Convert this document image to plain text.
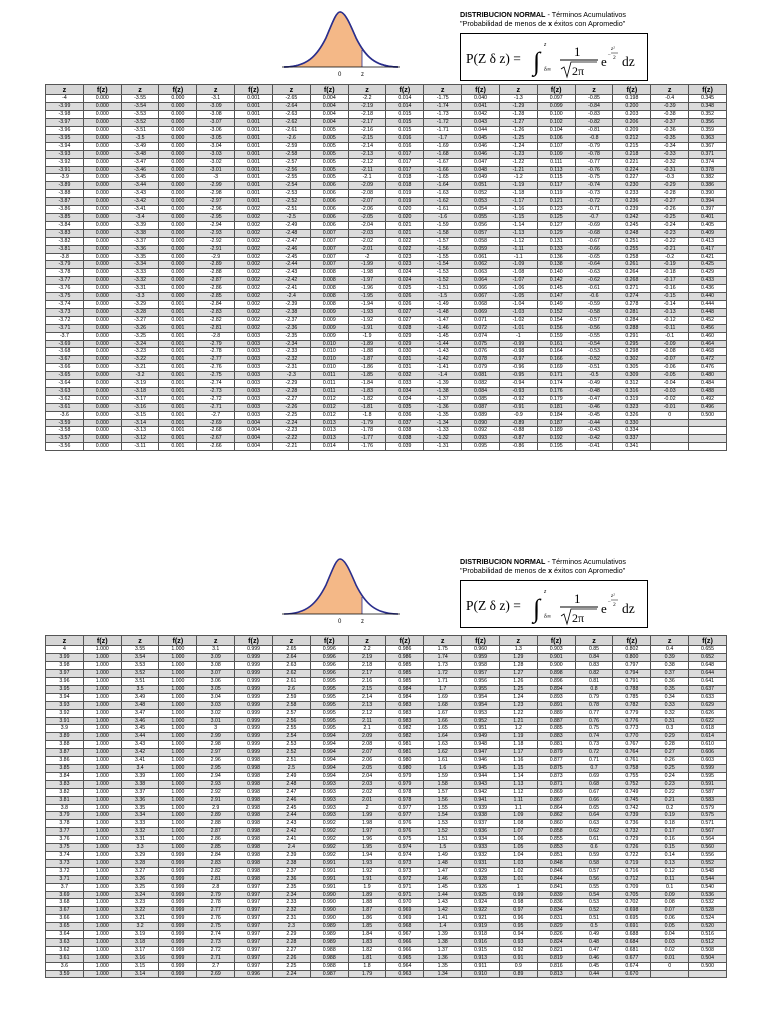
0	z
DISTRIBUCION NORMAL - Términos Acumulativos
"Probabilidad de menos de x éxitos con Apromedio"
P(Z δ z) = ∫
z
δ∞
1
2π
e –
z²
2 dz
z	f(z)	z	f(z)	z	f(z)	z	f(z)	z	f(z)	z	f(z)	z	f(z)	z	f(z)	z	f(z)
-4	0.000	-3.55	0.000	-3.1	0.001	-2.65	0.004	-2.2	0.014	-1.75	0.040	-1.3	0.097	-0.85	0.198	-0.4	0.345
-3.99	0.000	-3.54	0.000	-3.09	0.001	-2.64	0.004	-2.19	0.014	-1.74	0.041	-1.29	0.099	-0.84	0.200	-0.39	0.348
-3.98	0.000	-3.53	0.000	-3.08	0.001	-2.63	0.004	-2.18	0.015	-1.73	0.042	-1.28	0.100	-0.83	0.203	-0.38	0.352
-3.97	0.000	-3.52	0.000	-3.07	0.001	-2.62	0.004	-2.17	0.015	-1.72	0.043	-1.27	0.102	-0.82	0.206	-0.37	0.356
-3.96	0.000	-3.51	0.000	-3.06	0.001	-2.61	0.005	-2.16	0.015	-1.71	0.044	-1.26	0.104	-0.81	0.209	-0.36	0.359
-3.95	0.000	-3.5	0.000	-3.05	0.001	-2.6	0.005	-2.15	0.016	-1.7	0.045	-1.25	0.106	-0.8	0.212	-0.35	0.363
-3.94	0.000	-3.49	0.000	-3.04	0.001	-2.59	0.005	-2.14	0.016	-1.69	0.046	-1.24	0.107	-0.79	0.215	-0.34	0.367
-3.93	0.000	-3.48	0.000	-3.03	0.001	-2.58	0.005	-2.13	0.017	-1.68	0.046	-1.23	0.109	-0.78	0.218	-0.33	0.371
-3.92	0.000	-3.47	0.000	-3.02	0.001	-2.57	0.005	-2.12	0.017	-1.67	0.047	-1.22	0.111	-0.77	0.221	-0.32	0.374
-3.91	0.000	-3.46	0.000	-3.01	0.001	-2.56	0.005	-2.11	0.017	-1.66	0.048	-1.21	0.113	-0.76	0.224	-0.31	0.378
-3.9	0.000	-3.45	0.000	-3	0.001	-2.55	0.005	-2.1	0.018	-1.65	0.049	-1.2	0.115	-0.75	0.227	-0.3	0.382
-3.89	0.000	-3.44	0.000	-2.99	0.001	-2.54	0.006	-2.09	0.018	-1.64	0.051	-1.19	0.117	-0.74	0.230	-0.29	0.386
-3.88	0.000	-3.43	0.000	-2.98	0.001	-2.53	0.006	-2.08	0.019	-1.63	0.052	-1.18	0.119	-0.73	0.233	-0.28	0.390
-3.87	0.000	-3.42	0.000	-2.97	0.001	-2.52	0.006	-2.07	0.019	-1.62	0.053	-1.17	0.121	-0.72	0.236	-0.27	0.394
-3.86	0.000	-3.41	0.000	-2.96	0.002	-2.51	0.006	-2.06	0.020	-1.61	0.054	-1.16	0.123	-0.71	0.239	-0.26	0.397
-3.85	0.000	-3.4	0.000	-2.95	0.002	-2.5	0.006	-2.05	0.020	-1.6	0.055	-1.15	0.125	-0.7	0.242	-0.25	0.401
-3.84	0.000	-3.39	0.000	-2.94	0.002	-2.49	0.006	-2.04	0.021	-1.59	0.056	-1.14	0.127	-0.69	0.245	-0.24	0.405
-3.83	0.000	-3.38	0.000	-2.93	0.002	-2.48	0.007	-2.03	0.021	-1.58	0.057	-1.13	0.129	-0.68	0.248	-0.23	0.409
-3.82	0.000	-3.37	0.000	-2.92	0.002	-2.47	0.007	-2.02	0.022	-1.57	0.058	-1.12	0.131	-0.67	0.251	-0.22	0.413
-3.81	0.000	-3.36	0.000	-2.91	0.002	-2.46	0.007	-2.01	0.022	-1.56	0.059	-1.11	0.133	-0.66	0.255	-0.21	0.417
-3.8	0.000	-3.35	0.000	-2.9	0.002	-2.45	0.007	-2	0.023	-1.55	0.061	-1.1	0.136	-0.65	0.258	-0.2	0.421
-3.79	0.000	-3.34	0.000	-2.89	0.002	-2.44	0.007	-1.99	0.023	-1.54	0.062	-1.09	0.138	-0.64	0.261	-0.19	0.425
-3.78	0.000	-3.33	0.000	-2.88	0.002	-2.43	0.008	-1.98	0.024	-1.53	0.063	-1.08	0.140	-0.63	0.264	-0.18	0.429
-3.77	0.000	-3.32	0.000	-2.87	0.002	-2.42	0.008	-1.97	0.024	-1.52	0.064	-1.07	0.142	-0.62	0.268	-0.17	0.433
-3.76	0.000	-3.31	0.000	-2.86	0.002	-2.41	0.008	-1.96	0.025	-1.51	0.066	-1.06	0.145	-0.61	0.271	-0.16	0.436
-3.75	0.000	-3.3	0.000	-2.85	0.002	-2.4	0.008	-1.95	0.026	-1.5	0.067	-1.05	0.147	-0.6	0.274	-0.15	0.440
-3.74	0.000	-3.29	0.001	-2.84	0.002	-2.39	0.008	-1.94	0.026	-1.49	0.068	-1.04	0.149	-0.59	0.278	-0.14	0.444
-3.73	0.000	-3.28	0.001	-2.83	0.002	-2.38	0.009	-1.93	0.027	-1.48	0.069	-1.03	0.152	-0.58	0.281	-0.13	0.448
-3.72	0.000	-3.27	0.001	-2.82	0.002	-2.37	0.009	-1.92	0.027	-1.47	0.071	-1.02	0.154	-0.57	0.284	-0.12	0.452
-3.71	0.000	-3.26	0.001	-2.81	0.002	-2.36	0.009	-1.91	0.028	-1.46	0.072	-1.01	0.156	-0.56	0.288	-0.11	0.456
-3.7	0.000	-3.25	0.001	-2.8	0.003	-2.35	0.009	-1.9	0.029	-1.45	0.074	-1	0.159	-0.55	0.291	-0.1	0.460
-3.69	0.000	-3.24	0.001	-2.79	0.003	-2.34	0.010	-1.89	0.029	-1.44	0.075	-0.99	0.161	-0.54	0.295	-0.09	0.464
-3.68	0.000	-3.23	0.001	-2.78	0.003	-2.33	0.010	-1.88	0.030	-1.43	0.076	-0.98	0.164	-0.53	0.298	-0.08	0.468
-3.67	0.000	-3.22	0.001	-2.77	0.003	-2.32	0.010	-1.87	0.031	-1.42	0.078	-0.97	0.166	-0.52	0.302	-0.07	0.472
-3.66	0.000	-3.21	0.001	-2.76	0.003	-2.31	0.010	-1.86	0.031	-1.41	0.079	-0.96	0.169	-0.51	0.305	-0.06	0.476
-3.65	0.000	-3.2	0.001	-2.75	0.003	-2.3	0.011	-1.85	0.032	-1.4	0.081	-0.95	0.171	-0.5	0.309	-0.05	0.480
-3.64	0.000	-3.19	0.001	-2.74	0.003	-2.29	0.011	-1.84	0.033	-1.39	0.082	-0.94	0.174	-0.49	0.312	-0.04	0.484
-3.63	0.000	-3.18	0.001	-2.73	0.003	-2.28	0.011	-1.83	0.034	-1.38	0.084	-0.93	0.176	-0.48	0.316	-0.03	0.488
-3.62	0.000	-3.17	0.001	-2.72	0.003	-2.27	0.012	-1.82	0.034	-1.37	0.085	-0.92	0.179	-0.47	0.319	-0.02	0.492
-3.61	0.000	-3.16	0.001	-2.71	0.003	-2.26	0.012	-1.81	0.035	-1.36	0.087	-0.91	0.181	-0.46	0.323	-0.01	0.496
-3.6	0.000	-3.15	0.001	-2.7	0.003	-2.25	0.012	-1.8	0.036	-1.35	0.089	-0.9	0.184	-0.45	0.326	0	0.500
-3.59	0.000	-3.14	0.001	-2.69	0.004	-2.24	0.013	-1.79	0.037	-1.34	0.090	-0.89	0.187	-0.44	0.330		
-3.58	0.000	-3.13	0.001	-2.68	0.004	-2.23	0.013	-1.78	0.038	-1.33	0.092	-0.88	0.189	-0.43	0.334		
-3.57	0.000	-3.12	0.001	-2.67	0.004	-2.22	0.013	-1.77	0.038	-1.32	0.093	-0.87	0.192	-0.42	0.337		
-3.56	0.000	-3.11	0.001	-2.66	0.004	-2.21	0.014	-1.76	0.039	-1.31	0.095	-0.86	0.195	-0.41	0.341		
0	z
DISTRIBUCION NORMAL - Términos Acumulativos
"Probabilidad de menos de x éxitos con Apromedio"
P(Z δ z) = ∫
z
δ∞
1
2π
e –
z²
2 dz
z	f(z)	z	f(z)	z	f(z)	z	f(z)	z	f(z)	z	f(z)	z	f(z)	z	f(z)	z	f(z)
4	1.000	3.55	1.000	3.1	0.999	2.65	0.996	2.2	0.986	1.75	0.960	1.3	0.903	0.85	0.802	0.4	0.655
3.99	1.000	3.54	1.000	3.09	0.999	2.64	0.996	2.19	0.986	1.74	0.959	1.29	0.901	0.84	0.800	0.39	0.652
3.98	1.000	3.53	1.000	3.08	0.999	2.63	0.996	2.18	0.985	1.73	0.958	1.28	0.900	0.83	0.797	0.38	0.648
3.97	1.000	3.52	1.000	3.07	0.999	2.62	0.996	2.17	0.985	1.72	0.957	1.27	0.898	0.82	0.794	0.37	0.644
3.96	1.000	3.51	1.000	3.06	0.999	2.61	0.995	2.16	0.985	1.71	0.956	1.26	0.896	0.81	0.791	0.36	0.641
3.95	1.000	3.5	1.000	3.05	0.999	2.6	0.995	2.15	0.984	1.7	0.955	1.25	0.894	0.8	0.788	0.35	0.637
3.94	1.000	3.49	1.000	3.04	0.999	2.59	0.995	2.14	0.984	1.69	0.954	1.24	0.893	0.79	0.785	0.34	0.633
3.93	1.000	3.48	1.000	3.03	0.999	2.58	0.995	2.13	0.983	1.68	0.954	1.23	0.891	0.78	0.782	0.33	0.629
3.92	1.000	3.47	1.000	3.02	0.999	2.57	0.995	2.12	0.983	1.67	0.953	1.22	0.889	0.77	0.779	0.32	0.626
3.91	1.000	3.46	1.000	3.01	0.999	2.56	0.995	2.11	0.983	1.66	0.952	1.21	0.887	0.76	0.776	0.31	0.622
3.9	1.000	3.45	1.000	3	0.999	2.55	0.995	2.1	0.982	1.65	0.951	1.2	0.885	0.75	0.773	0.3	0.618
3.89	1.000	3.44	1.000	2.99	0.999	2.54	0.994	2.09	0.982	1.64	0.949	1.19	0.883	0.74	0.770	0.29	0.614
3.88	1.000	3.43	1.000	2.98	0.999	2.53	0.994	2.08	0.981	1.63	0.948	1.18	0.881	0.73	0.767	0.28	0.610
3.87	1.000	3.42	1.000	2.97	0.999	2.52	0.994	2.07	0.981	1.62	0.947	1.17	0.879	0.72	0.764	0.27	0.606
3.86	1.000	3.41	1.000	2.96	0.998	2.51	0.994	2.06	0.980	1.61	0.946	1.16	0.877	0.71	0.761	0.26	0.603
3.85	1.000	3.4	1.000	2.95	0.998	2.5	0.994	2.05	0.980	1.6	0.945	1.15	0.875	0.7	0.758	0.25	0.599
3.84	1.000	3.39	1.000	2.94	0.998	2.49	0.994	2.04	0.979	1.59	0.944	1.14	0.873	0.69	0.755	0.24	0.595
3.83	1.000	3.38	1.000	2.93	0.998	2.48	0.993	2.03	0.979	1.58	0.943	1.13	0.871	0.68	0.752	0.23	0.591
3.82	1.000	3.37	1.000	2.92	0.998	2.47	0.993	2.02	0.978	1.57	0.942	1.12	0.869	0.67	0.749	0.22	0.587
3.81	1.000	3.36	1.000	2.91	0.998	2.46	0.993	2.01	0.978	1.56	0.941	1.11	0.867	0.66	0.745	0.21	0.583
3.8	1.000	3.35	1.000	2.9	0.998	2.45	0.993	2	0.977	1.55	0.939	1.1	0.864	0.65	0.742	0.2	0.579
3.79	1.000	3.34	1.000	2.89	0.998	2.44	0.993	1.99	0.977	1.54	0.938	1.09	0.862	0.64	0.739	0.19	0.575
3.78	1.000	3.33	1.000	2.88	0.998	2.43	0.992	1.98	0.976	1.53	0.937	1.08	0.860	0.63	0.736	0.18	0.571
3.77	1.000	3.32	1.000	2.87	0.998	2.42	0.992	1.97	0.976	1.52	0.936	1.07	0.858	0.62	0.732	0.17	0.567
3.76	1.000	3.31	1.000	2.86	0.998	2.41	0.992	1.96	0.975	1.51	0.934	1.06	0.855	0.61	0.729	0.16	0.564
3.75	1.000	3.3	1.000	2.85	0.998	2.4	0.992	1.95	0.974	1.5	0.933	1.05	0.853	0.6	0.726	0.15	0.560
3.74	1.000	3.29	0.999	2.84	0.998	2.39	0.992	1.94	0.974	1.49	0.932	1.04	0.851	0.59	0.722	0.14	0.556
3.73	1.000	3.28	0.999	2.83	0.998	2.38	0.991	1.93	0.973	1.48	0.931	1.03	0.848	0.58	0.719	0.13	0.552
3.72	1.000	3.27	0.999	2.82	0.998	2.37	0.991	1.92	0.973	1.47	0.929	1.02	0.846	0.57	0.716	0.12	0.548
3.71	1.000	3.26	0.999	2.81	0.998	2.36	0.991	1.91	0.972	1.46	0.928	1.01	0.844	0.56	0.712	0.11	0.544
3.7	1.000	3.25	0.999	2.8	0.997	2.35	0.991	1.9	0.971	1.45	0.926	1	0.841	0.55	0.709	0.1	0.540
3.69	1.000	3.24	0.999	2.79	0.997	2.34	0.990	1.89	0.971	1.44	0.925	0.99	0.839	0.54	0.705	0.09	0.536
3.68	1.000	3.23	0.999	2.78	0.997	2.33	0.990	1.88	0.970	1.43	0.924	0.98	0.836	0.53	0.702	0.08	0.532
3.67	1.000	3.22	0.999	2.77	0.997	2.32	0.990	1.87	0.969	1.42	0.922	0.97	0.834	0.52	0.698	0.07	0.528
3.66	1.000	3.21	0.999	2.76	0.997	2.31	0.990	1.86	0.969	1.41	0.921	0.96	0.831	0.51	0.695	0.06	0.524
3.65	1.000	3.2	0.999	2.75	0.997	2.3	0.989	1.85	0.968	1.4	0.919	0.95	0.829	0.5	0.691	0.05	0.520
3.64	1.000	3.19	0.999	2.74	0.997	2.29	0.989	1.84	0.967	1.39	0.918	0.94	0.826	0.49	0.688	0.04	0.516
3.63	1.000	3.18	0.999	2.73	0.997	2.28	0.989	1.83	0.966	1.38	0.916	0.93	0.824	0.48	0.684	0.03	0.512
3.62	1.000	3.17	0.999	2.72	0.997	2.27	0.988	1.82	0.966	1.37	0.915	0.92	0.821	0.47	0.681	0.02	0.508
3.61	1.000	3.16	0.999	2.71	0.997	2.26	0.988	1.81	0.965	1.36	0.913	0.91	0.819	0.46	0.677	0.01	0.504
3.6	1.000	3.15	0.999	2.7	0.997	2.25	0.988	1.8	0.964	1.35	0.911	0.9	0.816	0.45	0.674	0	0.500
3.59	1.000	3.14	0.999	2.69	0.996	2.24	0.987	1.79	0.963	1.34	0.910	0.89	0.813	0.44	0.670		
